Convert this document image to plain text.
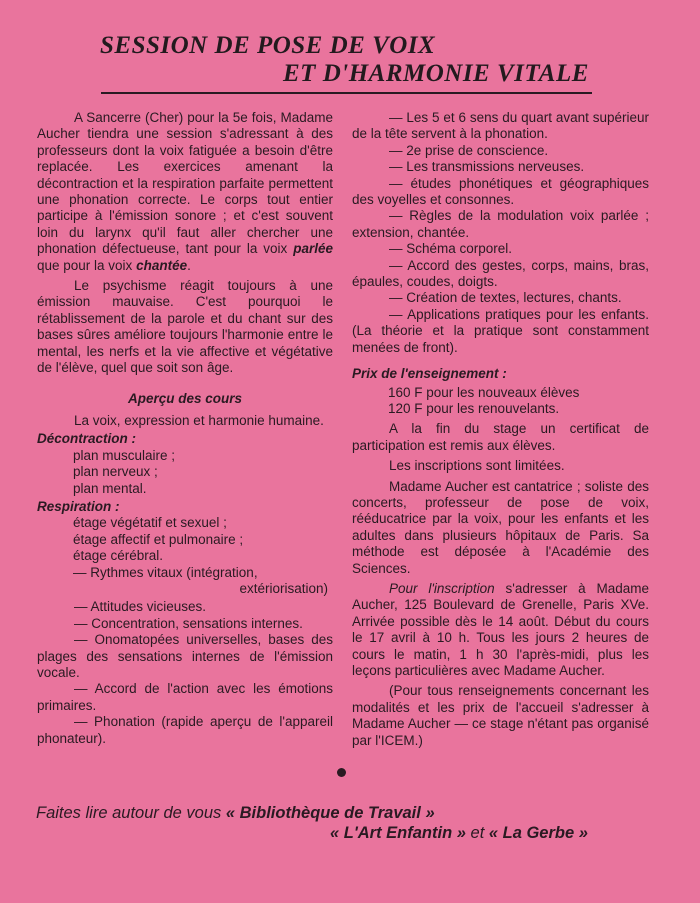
SESSION DE POSE DE VOIX
ET D'HARMONIE VITALE

A Sancerre (Cher) pour la 5e fois, Madame Aucher tiendra une session s'adressant à des professeurs dont la voix fatiguée a besoin d'être replacée. Les exercices amenant la décontraction et la respiration parfaite permettent une phonation correcte. Le corps tout entier participe à l'émission sonore ; et c'est souvent loin du larynx qu'il faut aller chercher une phonation défectueuse, tant pour la voix parlée que pour la voix chantée.

Le psychisme réagit toujours à une émission mauvaise. C'est pourquoi le rétablissement de la parole et du chant sur des bases sûres améliore toujours l'harmonie entre le mental, les nerfs et la vie affective et végétative de l'élève, quel que soit son âge.

Aperçu des cours

La voix, expression et harmonie humaine.

Décontraction :

plan musculaire ;

plan nerveux ;

plan mental.

Respiration :

étage végétatif et sexuel ;

étage affectif et pulmonaire ;

étage cérébral.

— Rythmes vitaux (intégration,

extériorisation)

— Attitudes vicieuses.

— Concentration, sensations internes.

— Onomatopées universelles, bases des plages des sensations internes de l'émission vocale.

— Accord de l'action avec les émotions primaires.

— Phonation (rapide aperçu de l'appareil phonateur).

— Les 5 et 6 sens du quart avant supérieur de la tête servent à la phonation.

— 2e prise de conscience.

— Les transmissions nerveuses.

— études phonétiques et géographiques des voyelles et consonnes.

— Règles de la modulation voix parlée ; extension, chantée.

— Schéma corporel.

— Accord des gestes, corps, mains, bras, épaules, coudes, doigts.

— Création de textes, lectures, chants.

— Applications pratiques pour les enfants. (La théorie et la pratique sont constamment menées de front).

Prix de l'enseignement :

160 F pour les nouveaux élèves

120 F pour les renouvelants.

A la fin du stage un certificat de participation est remis aux élèves.

Les inscriptions sont limitées.

Madame Aucher est cantatrice ; soliste des concerts, professeur de pose de voix, rééducatrice par la voix, pour les enfants et les adultes dans plusieurs hôpitaux de Paris. Sa méthode est déposée à l'Académie des Sciences.

Pour l'inscription s'adresser à Madame Aucher, 125 Boulevard de Grenelle, Paris XVe. Arrivée possible dès le 14 août. Début du cours le 17 avril à 10 h. Tous les jours 2 heures de cours le matin, 1 h 30 l'après-midi, plus les leçons particulières avec Madame Aucher.

(Pour tous renseignements concernant les modalités et les prix de l'accueil s'adresser à Madame Aucher — ce stage n'étant pas organisé par l'ICEM.)

Faites lire autour de vous « Bibliothèque de Travail »
« L'Art Enfantin » et « La Gerbe »
